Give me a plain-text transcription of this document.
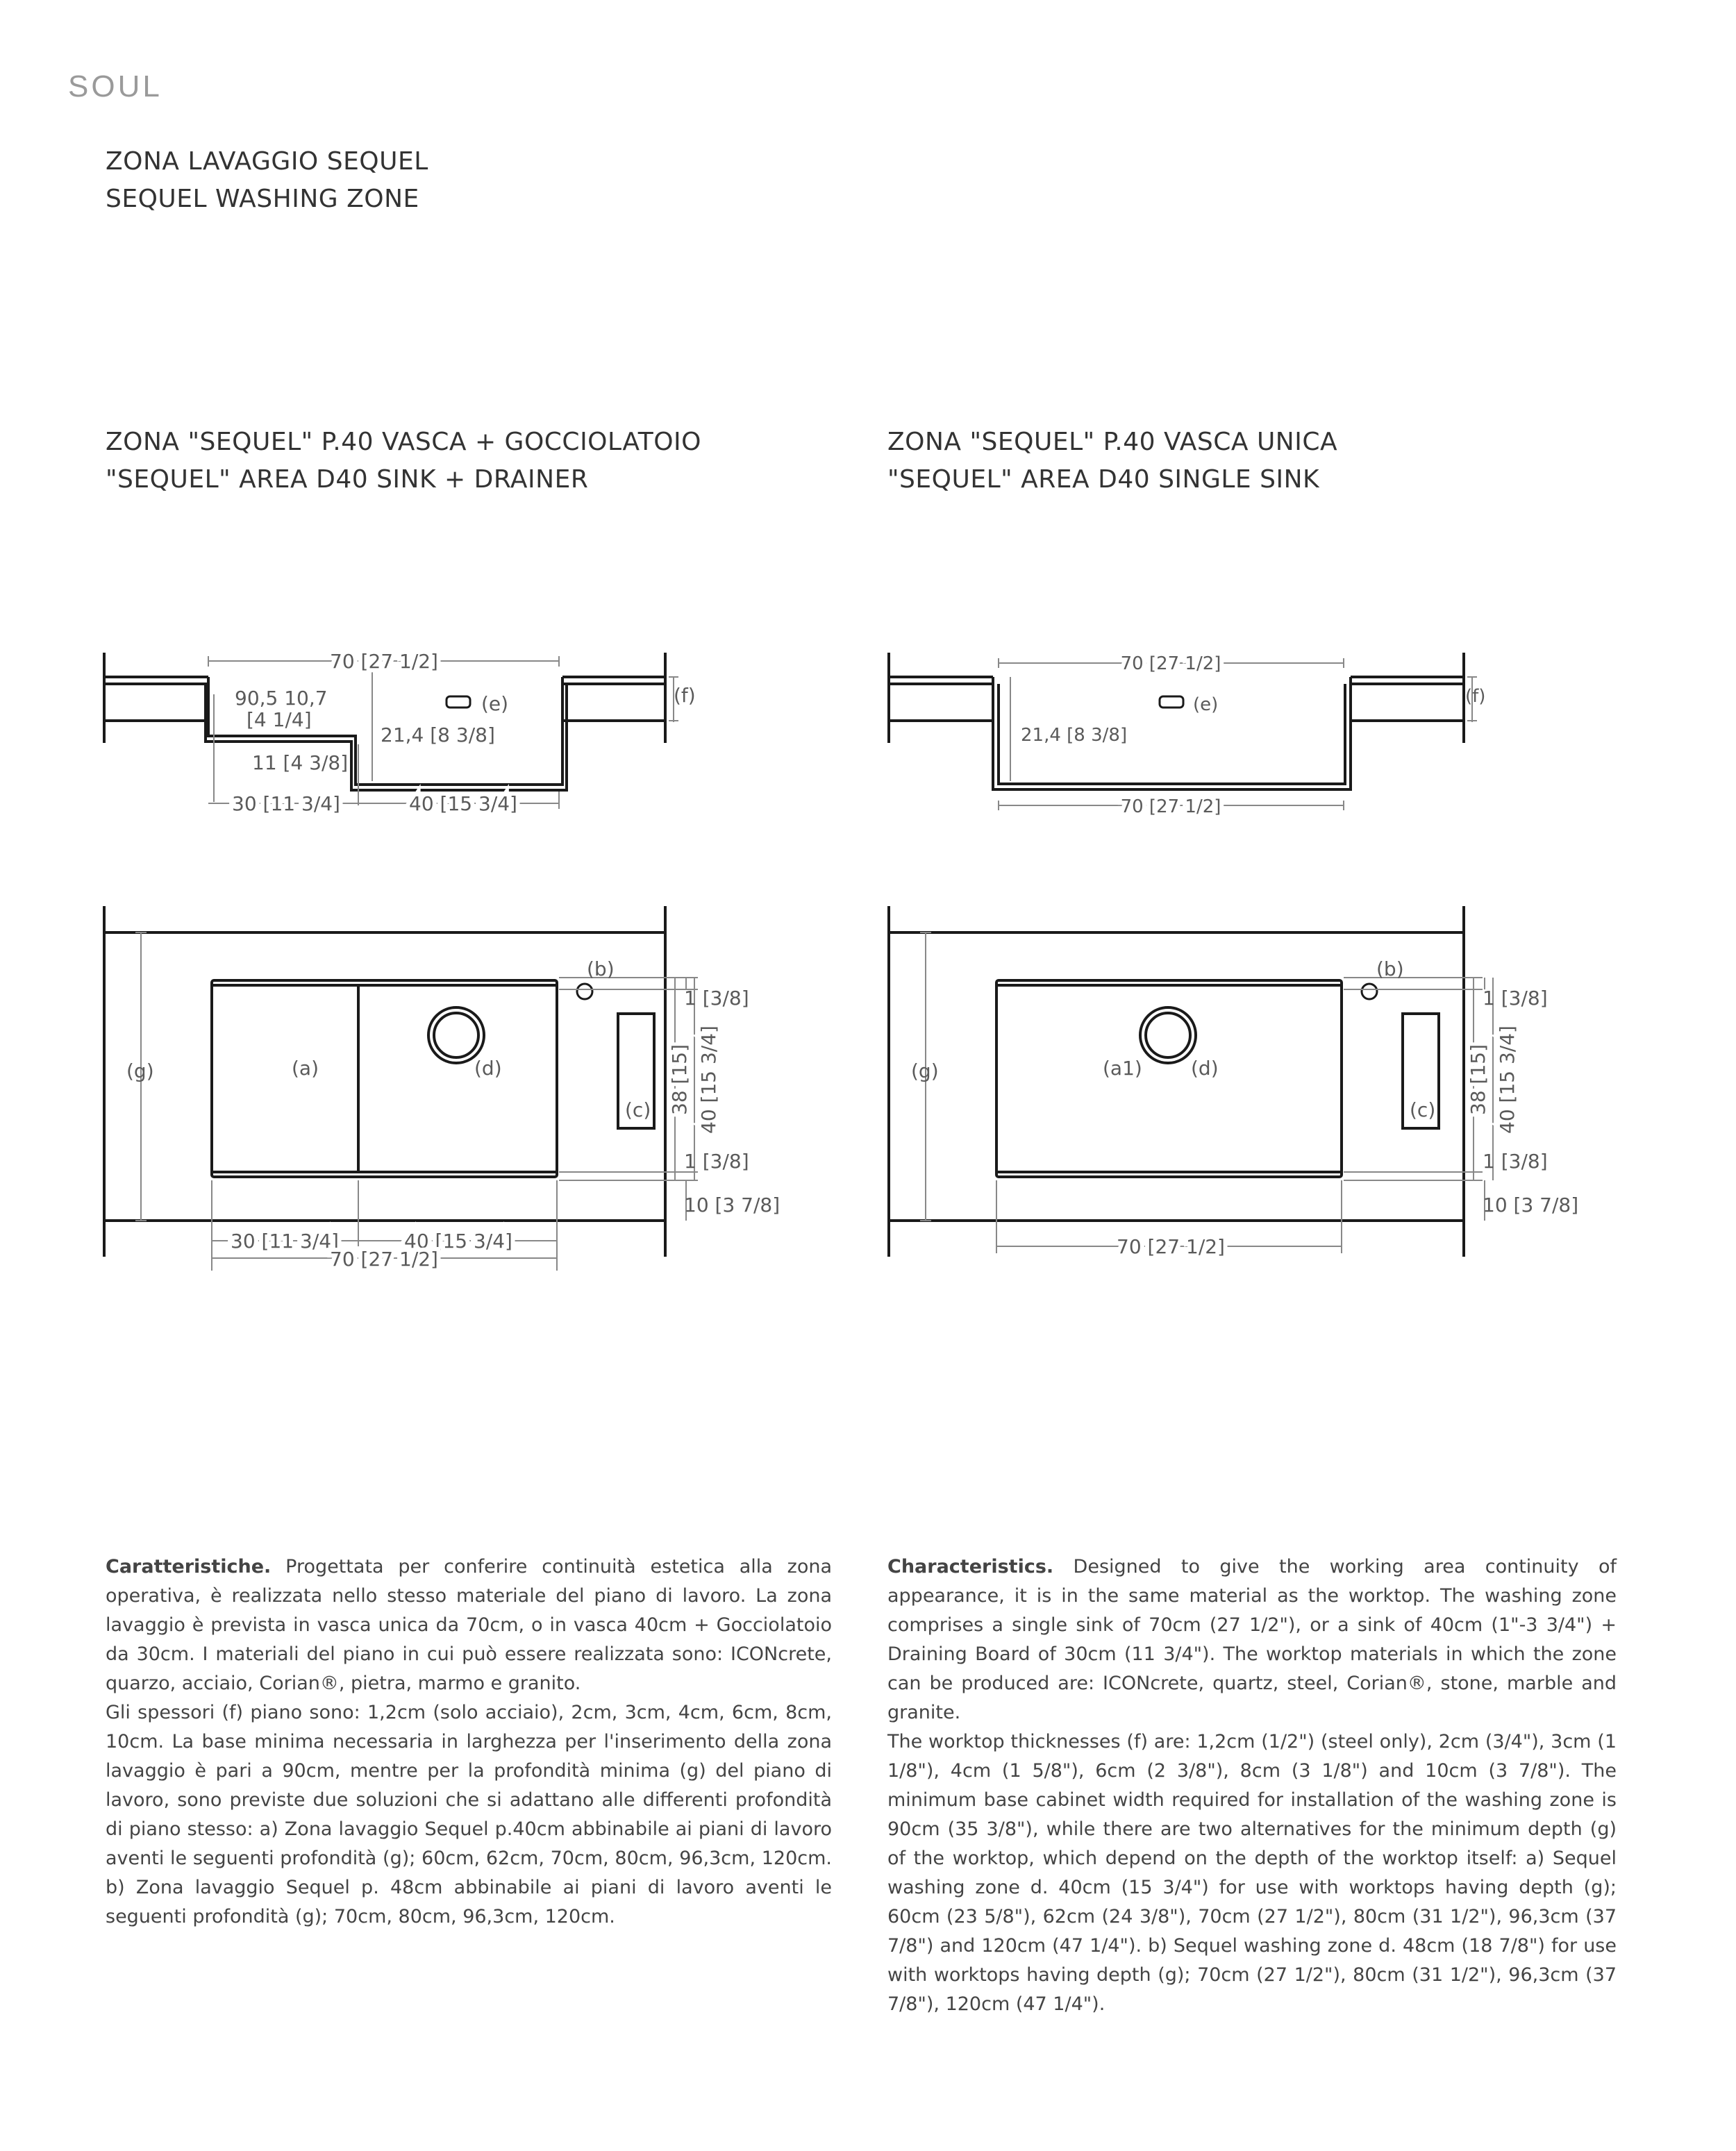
SOUL
ZONA LAVAGGIO SEQUEL
SEQUEL WASHING ZONE
ZONA "SEQUEL" P.40 VASCA + GOCCIOLATOIO
"SEQUEL" AREA D40 SINK + DRAINER
ZONA "SEQUEL" P.40 VASCA UNICA
"SEQUEL" AREA D40 SINGLE SINK
70 [27 1/2]
90,5 10,7
[4 1/4]
11 [4 3/8]
21,4 [8 3/8]
(e)	(f)
30 [11 3/4]	40 [15 3/4]
70 [27 1/2]
21,4 [8 3/8]
(e)	(f)
70 [27 1/2]
(g)	(a)	(d)
(b)
(c)
1 [3/8]
1 [3/8]
10 [3 7/8]
38 [15] 40 [15 3/4]
30 [11 3/4]	40 [15 3/4]
70 [27 1/2]
(g)	(a1)	(d)
(b)
(c)
1 [3/8]
1 [3/8]
10 [3 7/8]
38 [15] 40 [15 3/4]
70 [27 1/2]

Caratteristiche. Progettata per conferire continuità estetica alla zona operativa, è realizzata nello stesso materiale del piano di lavoro. La zona lavaggio è prevista in vasca unica da 70cm, o in vasca 40cm + Gocciolatoio da 30cm. I materiali del piano in cui può essere realizzata sono: ICONcrete, quarzo, acciaio, Corian®, pietra, marmo e granito.

Gli spessori (f) piano sono: 1,2cm (solo acciaio), 2cm, 3cm, 4cm, 6cm, 8cm, 10cm. La base minima necessaria in larghezza per l'inserimento della zona lavaggio è pari a 90cm, mentre per la profondità minima (g) del piano di lavoro, sono previste due soluzioni che si adattano alle differenti profondità di piano stesso: a) Zona lavaggio Sequel p.40cm abbinabile ai piani di lavoro aventi le seguenti profondità (g); 60cm, 62cm, 70cm, 80cm, 96,3cm, 120cm. b) Zona lavaggio Sequel p. 48cm abbinabile ai piani di lavoro aventi le seguenti profondità (g); 70cm, 80cm, 96,3cm, 120cm.

Characteristics. Designed to give the working area continuity of appearance, it is in the same material as the worktop. The washing zone comprises a single sink of 70cm (27 1/2"), or a sink of 40cm (1"-3 3/4") + Draining Board of 30cm (11 3/4"). The worktop materials in which the zone can be produced are: ICONcrete, quartz, steel, Corian®, stone, marble and granite.

The worktop thicknesses (f) are: 1,2cm (1/2") (steel only), 2cm (3/4"), 3cm (1 1/8"), 4cm (1 5/8"), 6cm (2 3/8"), 8cm (3 1/8") and 10cm (3 7/8"). The minimum base cabinet width required for installation of the washing zone is 90cm (35 3/8"), while there are two alternatives for the minimum depth (g) of the worktop, which depend on the depth of the worktop itself: a) Sequel washing zone d. 40cm (15 3/4") for use with worktops having depth (g); 60cm (23 5/8"), 62cm (24 3/8"), 70cm (27 1/2"), 80cm (31 1/2"), 96,3cm (37 7/8") and 120cm (47 1/4"). b) Sequel washing zone d. 48cm (18 7/8") for use with worktops having depth (g); 70cm (27 1/2"), 80cm (31 1/2"), 96,3cm (37 7/8"), 120cm (47 1/4").
